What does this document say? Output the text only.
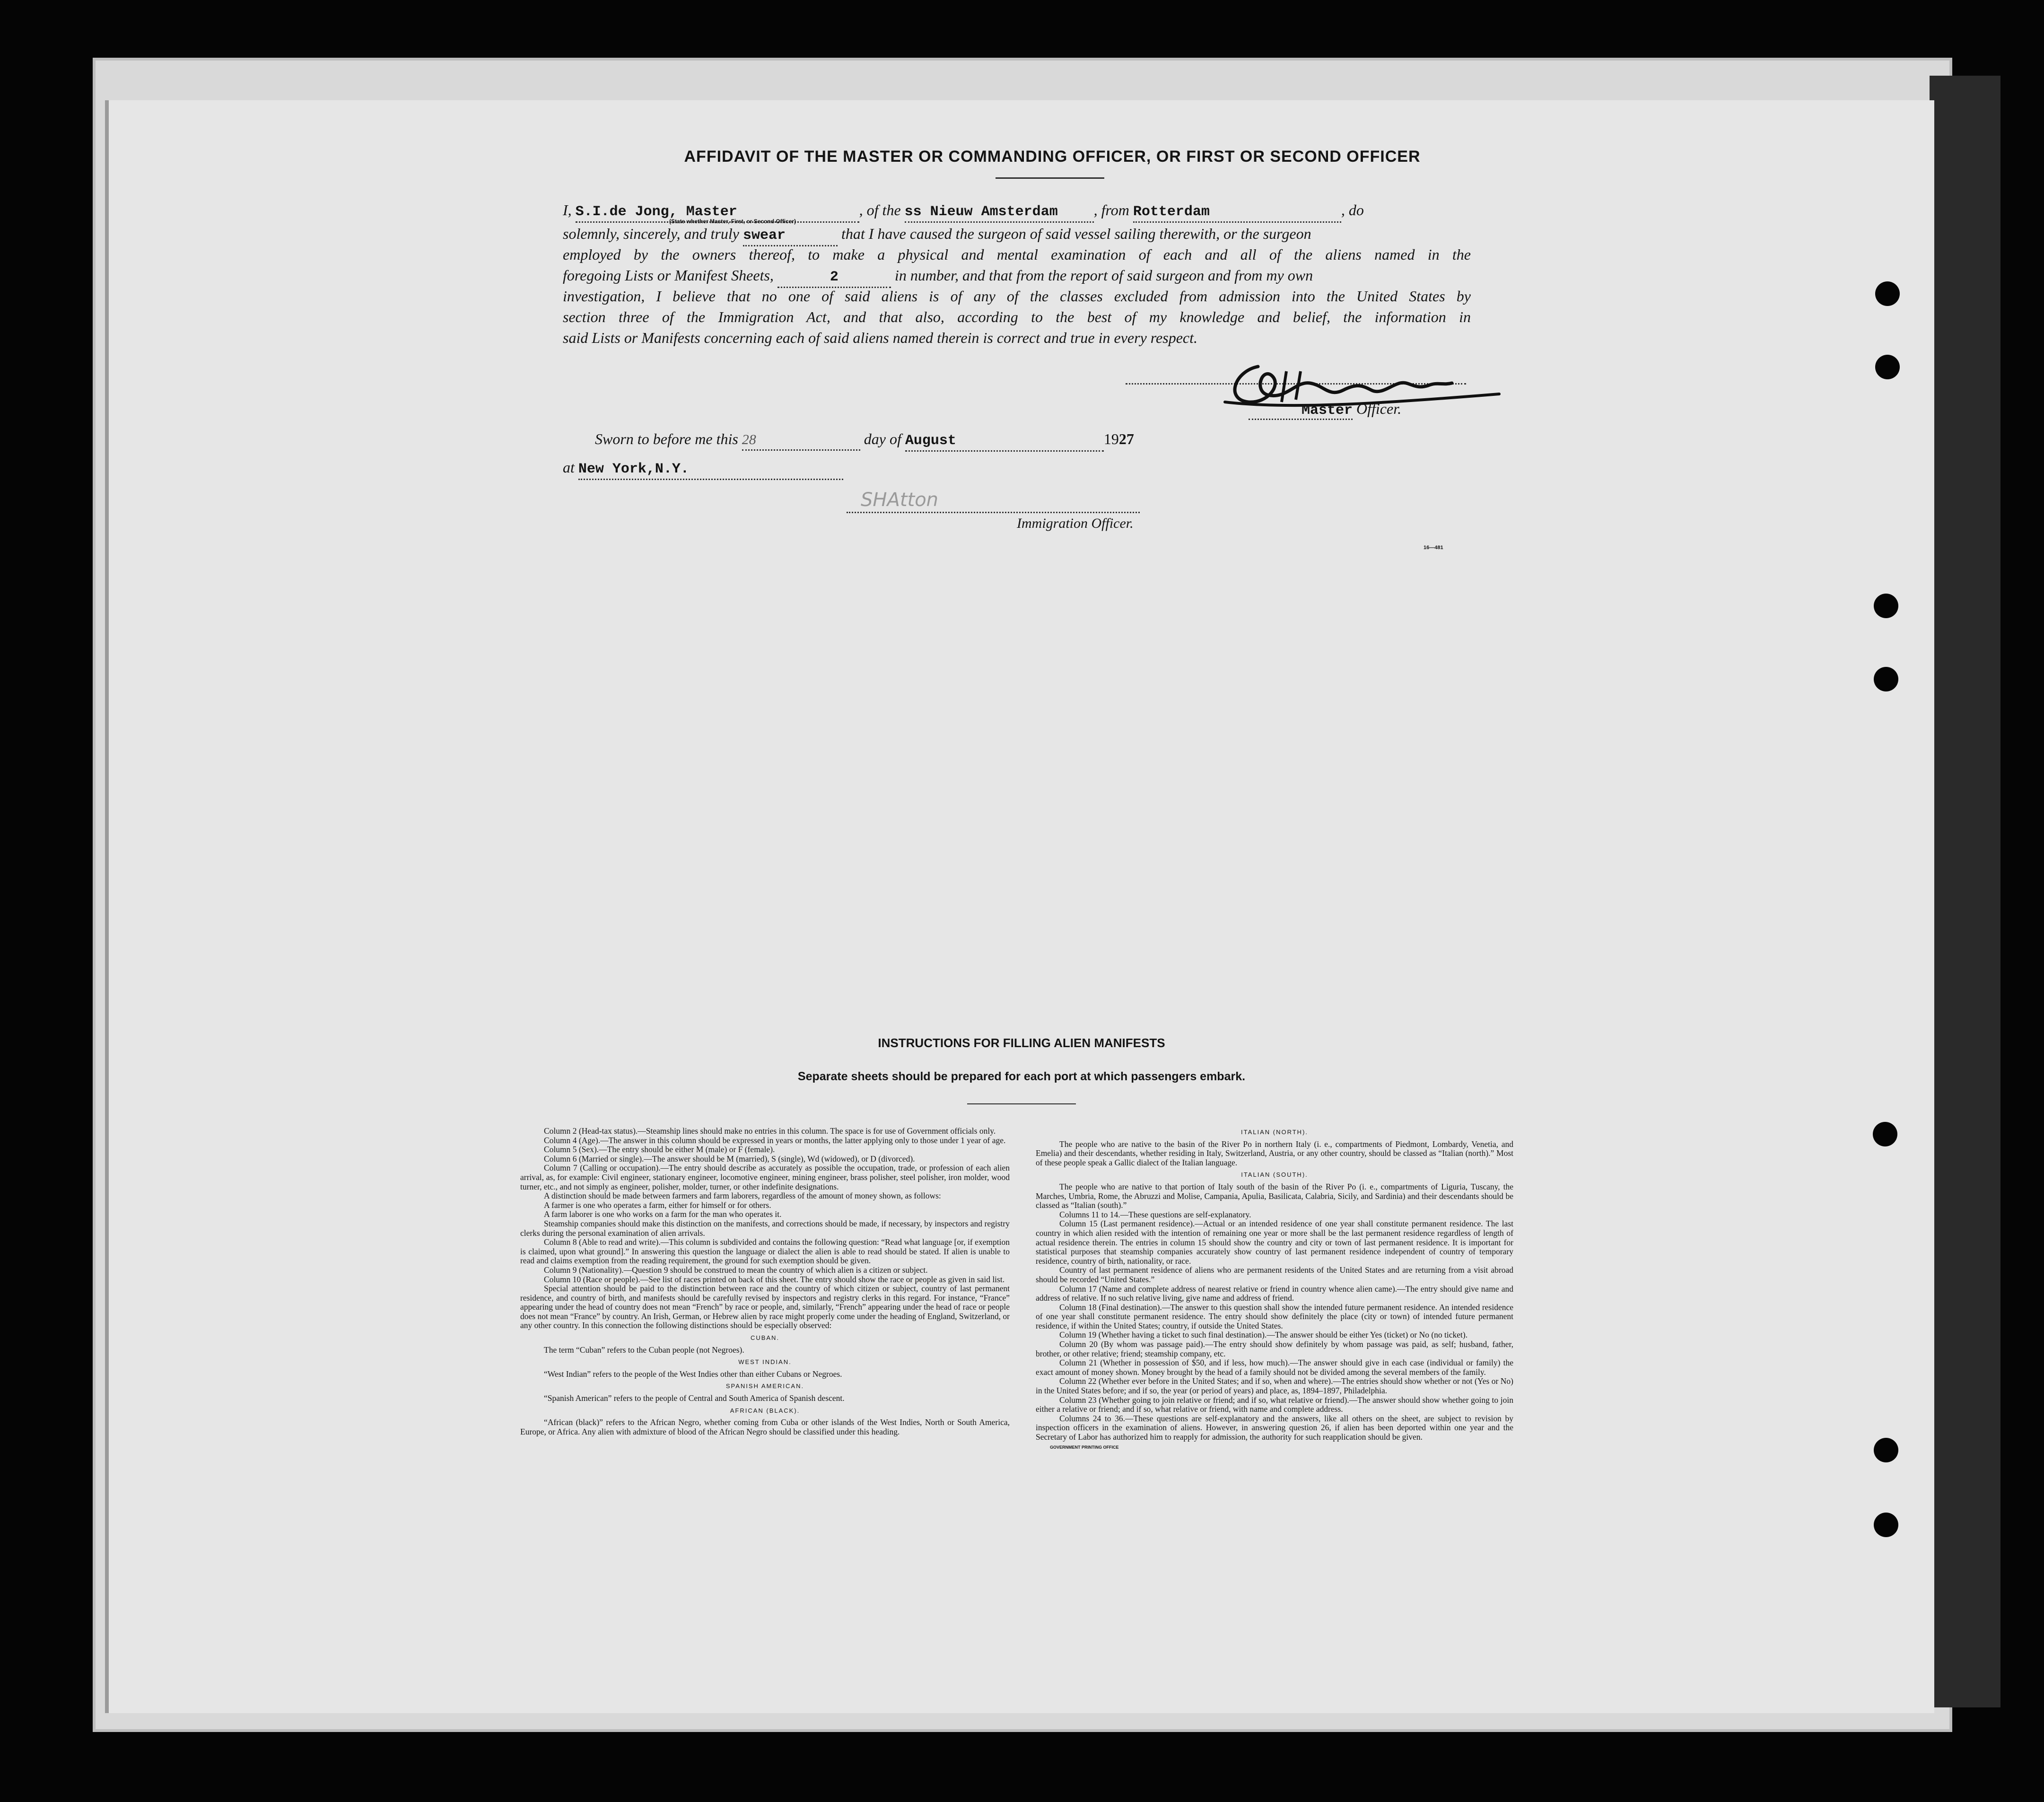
AFFIDAVIT OF THE MASTER OR COMMANDING OFFICER, OR FIRST OR SECOND OFFICER
I, S.I.de Jong, Master	, of the ss Nieuw Amsterdam , from Rotterdam	, do
(State whether Master, First, or Second Officer)
solemnly, sincerely, and truly swear	that I have caused the surgeon of said vessel sailing therewith, or the surgeon
employed by the owners thereof, to make a physical and mental examination of each and all of the aliens named in the
foregoing Lists or Manifest Sheets,	2	in number, and that from the report of said surgeon and from my own
investigation, I believe that no one of said aliens is of any of the classes excluded from admission into the United States by
section three of the Immigration Act, and that also, according to the best of my knowledge and belief, the information in
said Lists or Manifests concerning each of said aliens named therein is correct and true in every respect.
Master Officer.
Sworn to before me this 28	day of August	1927
at New York,N.Y.
SHAtton
Immigration Officer.
16—481
INSTRUCTIONS FOR FILLING ALIEN MANIFESTS
Separate sheets should be prepared for each port at which passengers embark.

Column 2 (Head-tax status).—Steamship lines should make no entries in this column. The space is for use of Government officials only.

Column 4 (Age).—The answer in this column should be expressed in years or months, the latter applying only to those under 1 year of age.

Column 5 (Sex).—The entry should be either M (male) or F (female).

Column 6 (Married or single).—The answer should be M (married), S (single), Wd (widowed), or D (divorced).

Column 7 (Calling or occupation).—The entry should describe as accurately as possible the occupation, trade, or profession of each alien arrival, as, for example: Civil engineer, stationary engineer, locomotive engineer, mining engineer, brass polisher, steel polisher, iron molder, wood turner, etc., and not simply as engineer, polisher, molder, turner, or other indefinite designations.

A distinction should be made between farmers and farm laborers, regardless of the amount of money shown, as follows:

A farmer is one who operates a farm, either for himself or for others.

A farm laborer is one who works on a farm for the man who operates it.

Steamship companies should make this distinction on the manifests, and corrections should be made, if necessary, by inspectors and registry clerks during the personal examination of alien arrivals.

Column 8 (Able to read and write).—This column is subdivided and contains the following question: “Read what language [or, if exemption is claimed, upon what ground].” In answering this question the language or dialect the alien is able to read should be stated. If alien is unable to read and claims exemption from the reading requirement, the ground for such exemption should be given.

Column 9 (Nationality).—Question 9 should be construed to mean the country of which alien is a citizen or subject.

Column 10 (Race or people).—See list of races printed on back of this sheet. The entry should show the race or people as given in said list.

Special attention should be paid to the distinction between race and the country of which citizen or subject, country of last permanent residence, and country of birth, and manifests should be carefully revised by inspectors and registry clerks in this regard. For instance, “France” appearing under the head of country does not mean “French” by race or people, and, similarly, “French” appearing under the head of race or people does not mean “France” by country. An Irish, German, or Hebrew alien by race might properly come under the heading of England, Switzerland, or any other country. In this connection the following distinctions should be especially observed:

CUBAN.

The term “Cuban” refers to the Cuban people (not Negroes).

WEST INDIAN.

“West Indian” refers to the people of the West Indies other than either Cubans or Negroes.

SPANISH AMERICAN.

“Spanish American” refers to the people of Central and South America of Spanish descent.

AFRICAN (BLACK).

“African (black)” refers to the African Negro, whether coming from Cuba or other islands of the West Indies, North or South America, Europe, or Africa. Any alien with admixture of blood of the African Negro should be classified under this heading.

ITALIAN (NORTH).

The people who are native to the basin of the River Po in northern Italy (i. e., compartments of Piedmont, Lombardy, Venetia, and Emelia) and their descendants, whether residing in Italy, Switzerland, Austria, or any other country, should be classed as “Italian (north).” Most of these people speak a Gallic dialect of the Italian language.

ITALIAN (SOUTH).

The people who are native to that portion of Italy south of the basin of the River Po (i. e., compartments of Liguria, Tuscany, the Marches, Umbria, Rome, the Abruzzi and Molise, Campania, Apulia, Basilicata, Calabria, Sicily, and Sardinia) and their descendants should be classed as “Italian (south).”

Columns 11 to 14.—These questions are self-explanatory.

Column 15 (Last permanent residence).—Actual or an intended residence of one year shall constitute permanent residence. The last country in which alien resided with the intention of remaining one year or more shall be the last permanent residence regardless of length of actual residence therein. The entries in column 15 should show the country and city or town of last permanent residence. It is important for statistical purposes that steamship companies accurately show country of last permanent residence independent of country of temporary residence, country of birth, nationality, or race.

Country of last permanent residence of aliens who are permanent residents of the United States and are returning from a visit abroad should be recorded “United States.”

Column 17 (Name and complete address of nearest relative or friend in country whence alien came).—The entry should give name and address of relative. If no such relative living, give name and address of friend.

Column 18 (Final destination).—The answer to this question shall show the intended future permanent residence. An intended residence of one year shall constitute permanent residence. The entry should show definitely the place (city or town) of intended future permanent residence, if within the United States; country, if outside the United States.

Column 19 (Whether having a ticket to such final destination).—The answer should be either Yes (ticket) or No (no ticket).

Column 20 (By whom was passage paid).—The entry should show definitely by whom passage was paid, as self; husband, father, brother, or other relative; friend; steamship company, etc.

Column 21 (Whether in possession of $50, and if less, how much).—The answer should give in each case (individual or family) the exact amount of money shown. Money brought by the head of a family should not be divided among the several members of the family.

Column 22 (Whether ever before in the United States; and if so, when and where).—The entries should show whether or not (Yes or No) in the United States before; and if so, the year (or period of years) and place, as, 1894–1897, Philadelphia.

Column 23 (Whether going to join relative or friend; and if so, what relative or friend).—The answer should show whether going to join either a relative or friend; and if so, what relative or friend, with name and complete address.

Columns 24 to 36.—These questions are self-explanatory and the answers, like all others on the sheet, are subject to revision by inspection officers in the examination of aliens. However, in answering question 26, if alien has been deported within one year and the Secretary of Labor has authorized him to reapply for admission, the authority for such reapplication should be given.

GOVERNMENT PRINTING OFFICE
